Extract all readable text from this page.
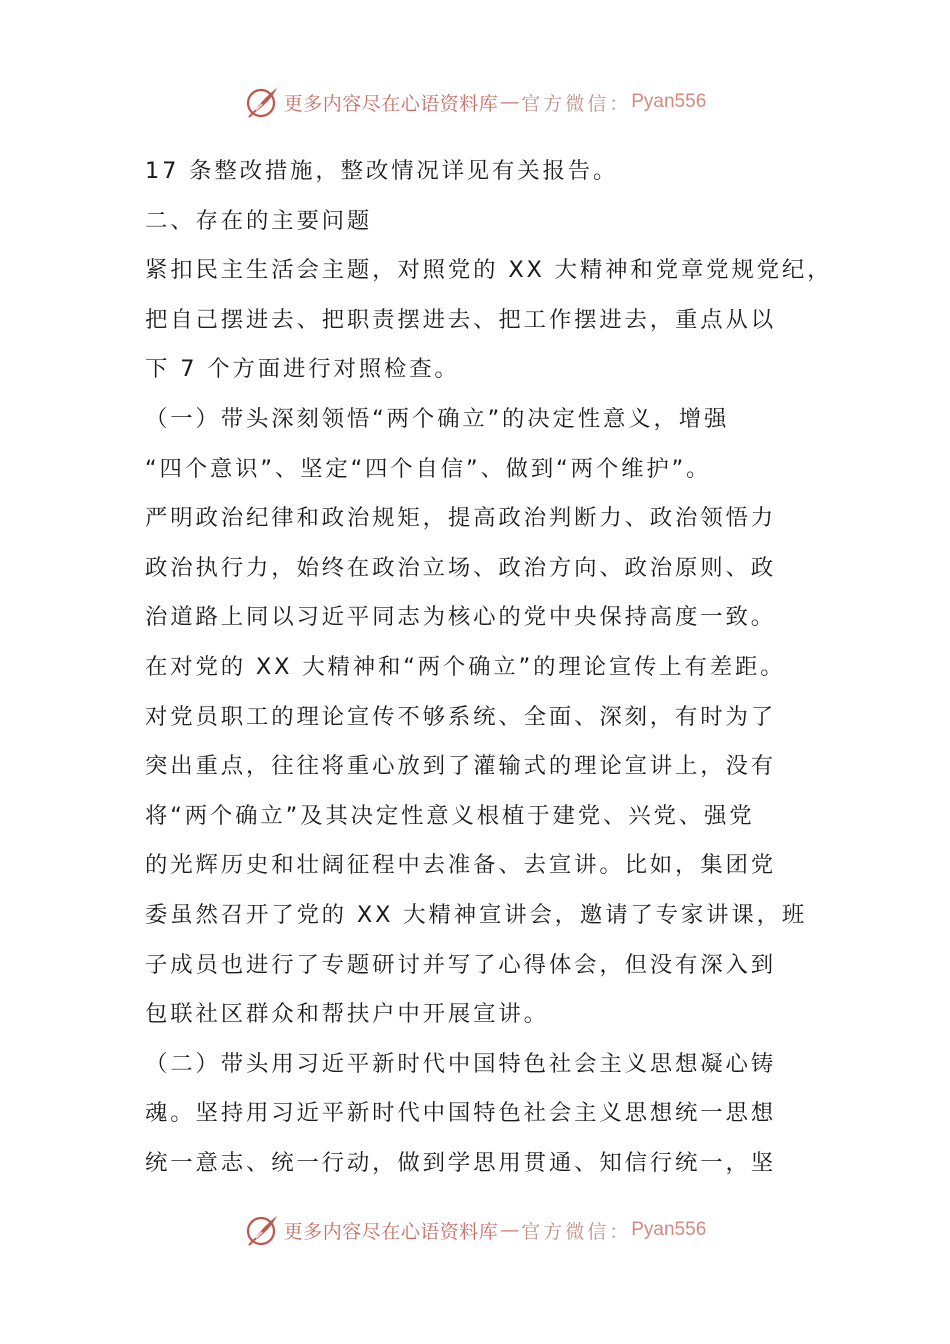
更多内容尽在心语资料库 — 官方微信： Pyan556

17 条整改措施，整改情况详见有关报告。

二、存在的主要问题

紧扣民主生活会主题，对照党的 XX 大精神和党章党规党纪，

把自己摆进去、把职责摆进去、把工作摆进去，重点从以

下 7 个方面进行对照检查。

（一）带头深刻领悟“两个确立”的决定性意义，增强

“四个意识”、坚定“四个自信”、做到“两个维护”。

严明政治纪律和政治规矩，提高政治判断力、政治领悟力

政治执行力，始终在政治立场、政治方向、政治原则、政

治道路上同以习近平同志为核心的党中央保持高度一致。

在对党的 XX 大精神和“两个确立”的理论宣传上有差距。

对党员职工的理论宣传不够系统、全面、深刻，有时为了

突出重点，往往将重心放到了灌输式的理论宣讲上，没有

将“两个确立”及其决定性意义根植于建党、兴党、强党

的光辉历史和壮阔征程中去准备、去宣讲。比如，集团党

委虽然召开了党的 XX 大精神宣讲会，邀请了专家讲课，班

子成员也进行了专题研讨并写了心得体会，但没有深入到

包联社区群众和帮扶户中开展宣讲。

（二）带头用习近平新时代中国特色社会主义思想凝心铸

魂。坚持用习近平新时代中国特色社会主义思想统一思想

统一意志、统一行动，做到学思用贯通、知信行统一，坚

更多内容尽在心语资料库 — 官方微信： Pyan556
